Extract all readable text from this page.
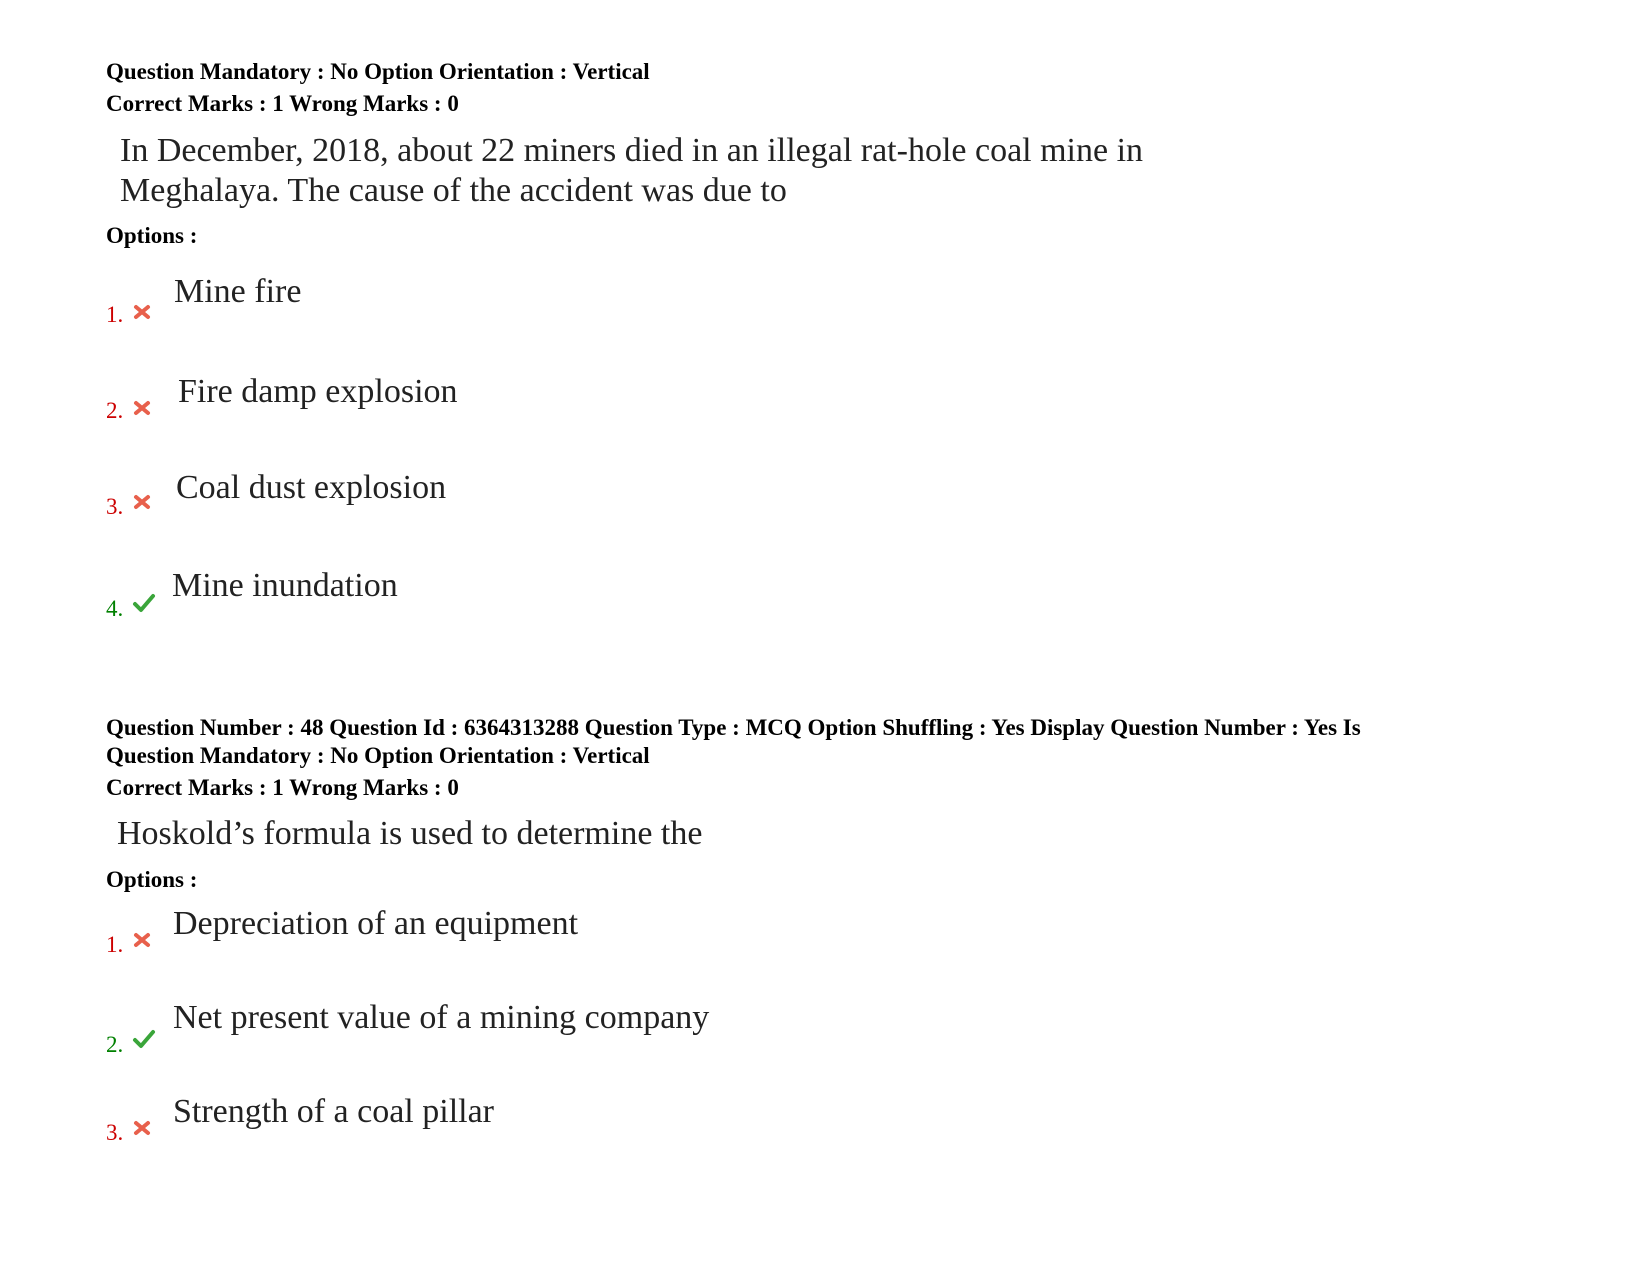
Question Mandatory : No Option Orientation : Vertical
Correct Marks : 1 Wrong Marks : 0
In December, 2018, about 22 miners died in an illegal rat-hole coal mine in
Meghalaya. The cause of the accident was due to
Options :
1.
Mine fire
2.
Fire damp explosion
3.
Coal dust explosion
4.
Mine inundation
Question Number : 48 Question Id : 6364313288 Question Type : MCQ Option Shuffling : Yes Display Question Number : Yes Is
Question Mandatory : No Option Orientation : Vertical
Correct Marks : 1 Wrong Marks : 0
Hoskold’s formula is used to determine the
Options :
1.
Depreciation of an equipment
2.
Net present value of a mining company
3.
Strength of a coal pillar
